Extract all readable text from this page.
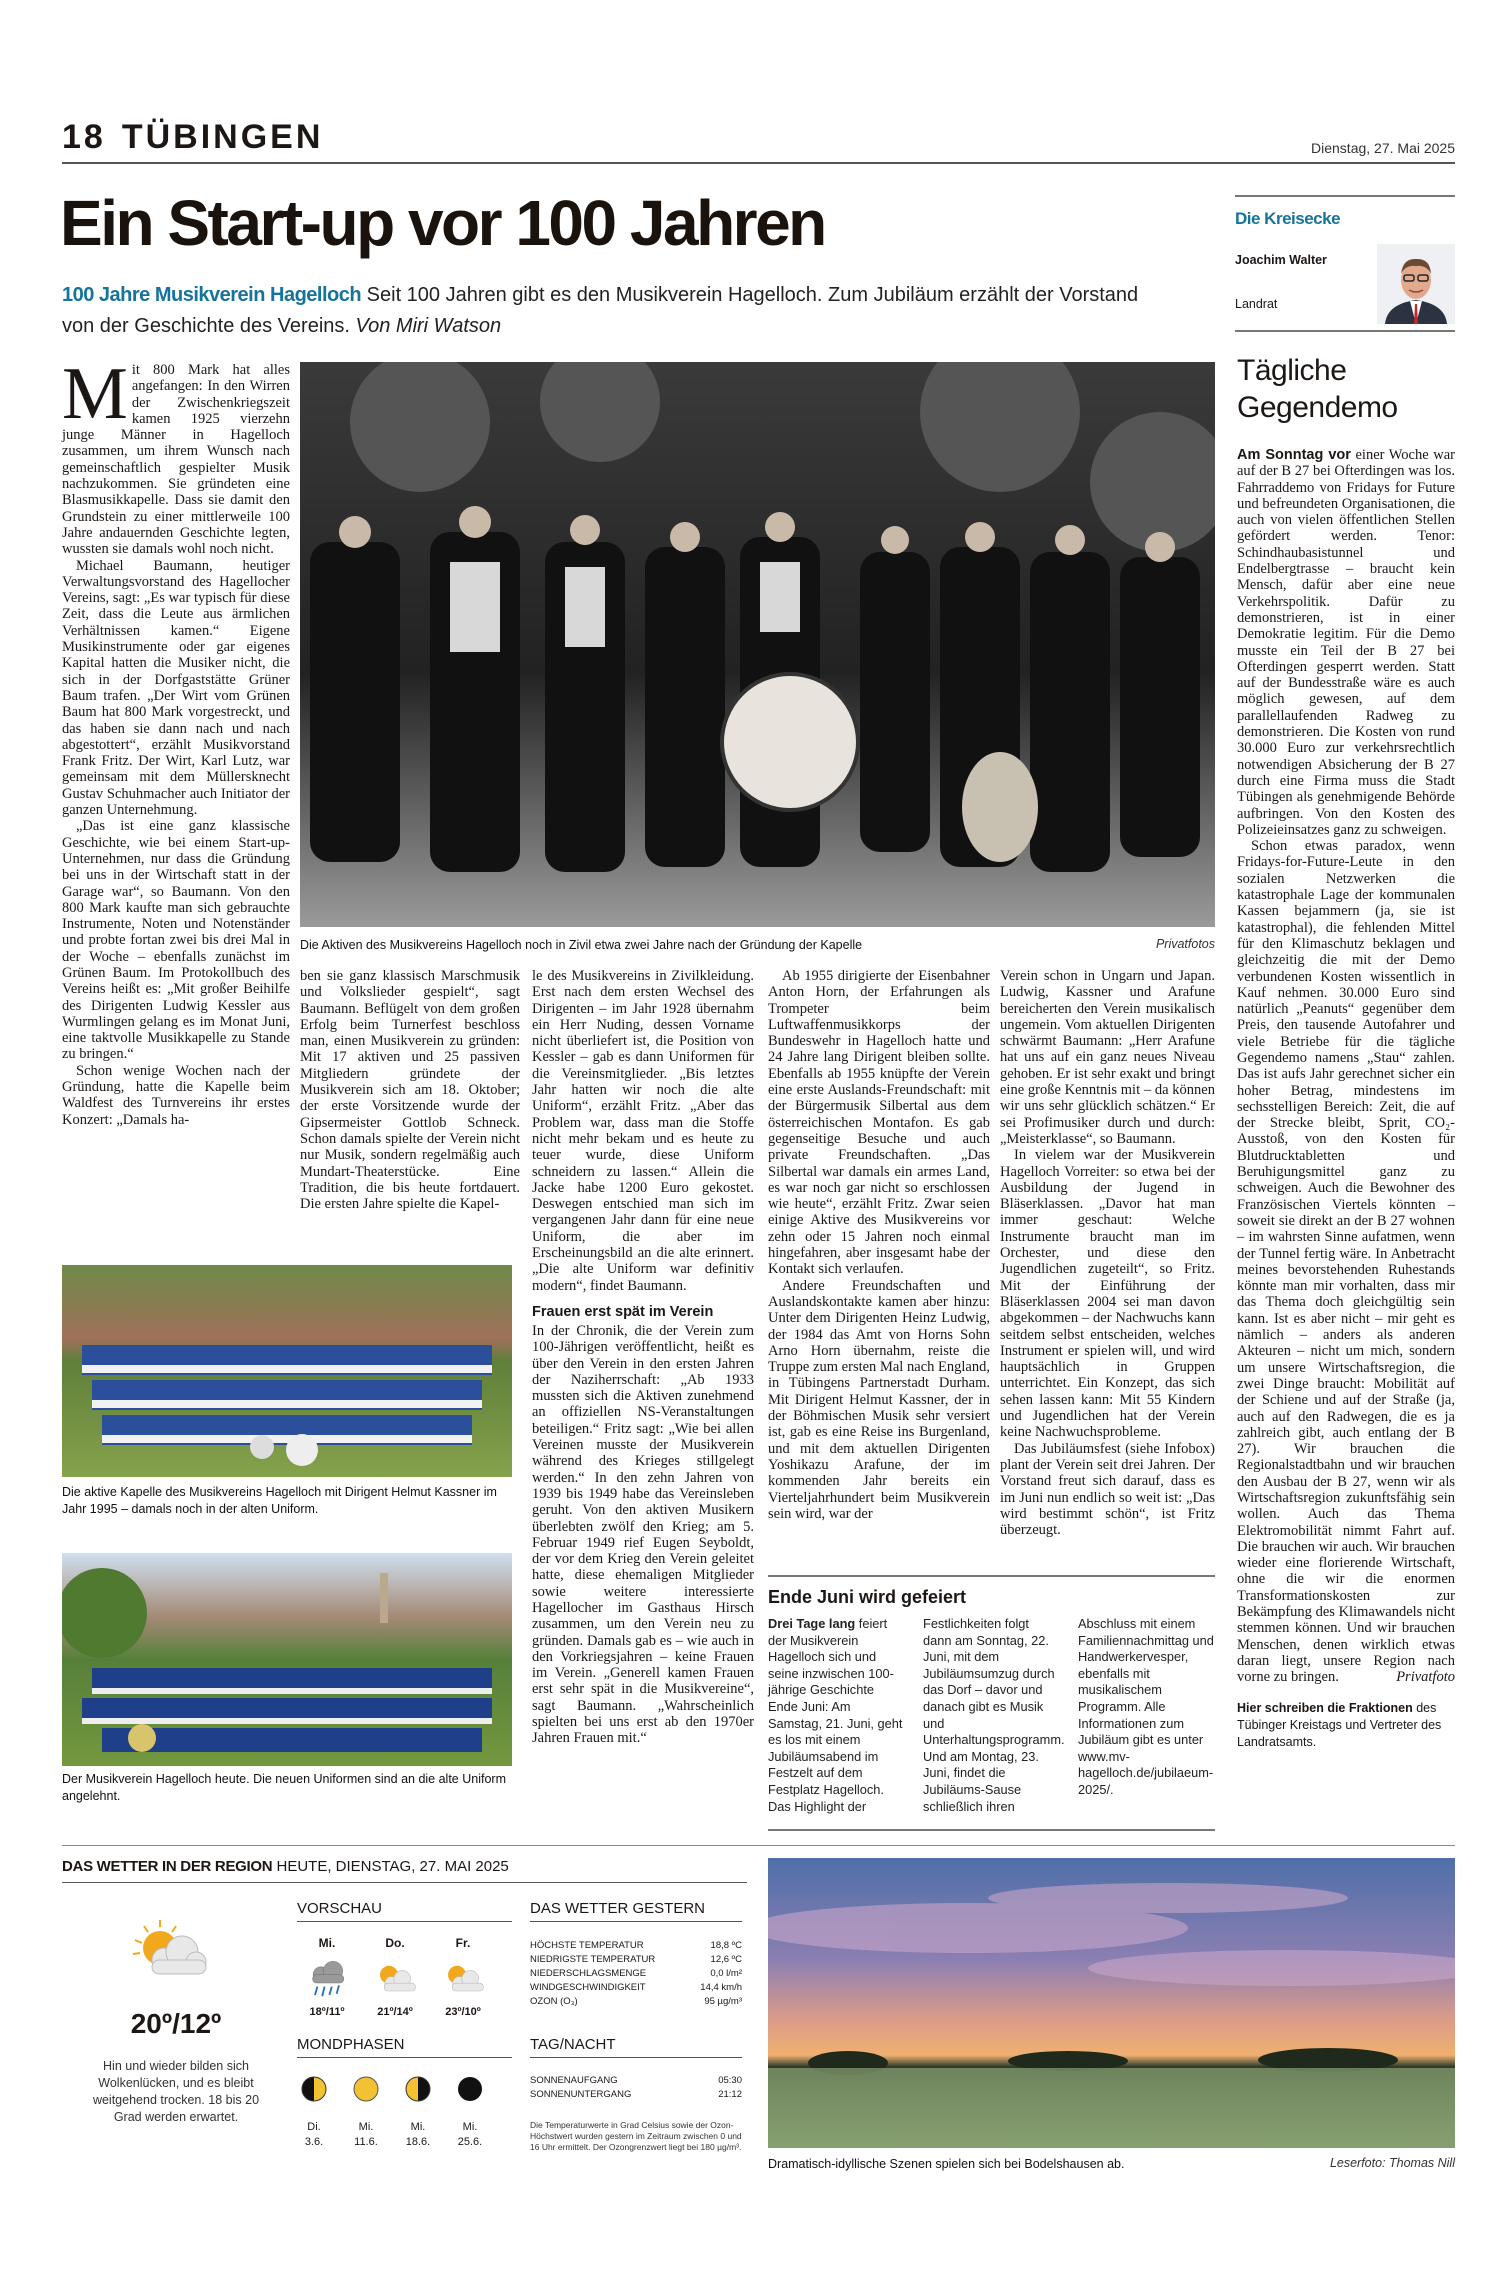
18 TÜBINGEN	Dienstag, 27. Mai 2025
Ein Start-up vor 100 Jahren
100 Jahre Musikverein Hagelloch Seit 100 Jahren gibt es den Musikverein Hagelloch. Zum Jubiläum erzählt der Vorstand von der Geschichte des Vereins. Von Miri Watson
Die Kreisecke
Joachim Walter
Landrat

Mit 800 Mark hat alles angefangen: In den Wirren der Zwischenkriegszeit kamen 1925 vierzehn junge Männer in Hagelloch zusammen, um ihrem Wunsch nach gemeinschaftlich gespielter Musik nachzukommen. Sie gründeten eine Blasmusikkapelle. Dass sie damit den Grundstein zu einer mittlerweile 100 Jahre andauernden Geschichte legten, wussten sie damals wohl noch nicht.

Michael Baumann, heutiger Verwaltungsvorstand des Hagellocher Vereins, sagt: „Es war typisch für diese Zeit, dass die Leute aus ärmlichen Verhältnissen kamen.“ Eigene Musikinstrumente oder gar eigenes Kapital hatten die Musiker nicht, die sich in der Dorfgaststätte Grüner Baum trafen. „Der Wirt vom Grünen Baum hat 800 Mark vorgestreckt, und das haben sie dann nach und nach abgestottert“, erzählt Musikvorstand Frank Fritz. Der Wirt, Karl Lutz, war gemeinsam mit dem Müllersknecht Gustav Schuhmacher auch Initiator der ganzen Unternehmung.

„Das ist eine ganz klassische Geschichte, wie bei einem Start-up-Unternehmen, nur dass die Gründung bei uns in der Wirtschaft statt in der Garage war“, so Baumann. Von den 800 Mark kaufte man sich gebrauchte Instrumente, Noten und Notenständer und probte fortan zwei bis drei Mal in der Woche – ebenfalls zunächst im Grünen Baum. Im Protokollbuch des Vereins heißt es: „Mit großer Beihilfe des Dirigenten Ludwig Kessler aus Wurmlingen gelang es im Monat Juni, eine taktvolle Musikkapelle zu Stande zu bringen.“

Schon wenige Wochen nach der Gründung, hatte die Kapelle beim Waldfest des Turnvereins ihr erstes Konzert: „Damals ha-

Die Aktiven des Musikvereins Hagelloch noch in Zivil etwa zwei Jahre nach der Gründung der Kapelle	Privatfotos

ben sie ganz klassisch Marschmusik und Volkslieder gespielt“, sagt Baumann. Beflügelt von dem großen Erfolg beim Turnerfest beschloss man, einen Musikverein zu gründen: Mit 17 aktiven und 25 passiven Mitgliedern gründete der Musikverein sich am 18. Oktober; der erste Vorsitzende wurde der Gipsermeister Gottlob Schneck. Schon damals spielte der Verein nicht nur Musik, sondern regelmäßig auch Mundart-Theaterstücke. Eine Tradition, die bis heute fortdauert. Die ersten Jahre spielte die Kapel-

Die aktive Kapelle des Musikvereins Hagelloch mit Dirigent Helmut Kassner im Jahr 1995 – damals noch in der alten Uniform.
Der Musikverein Hagelloch heute. Die neuen Uniformen sind an die alte Uniform angelehnt.

le des Musikvereins in Zivilkleidung. Erst nach dem ersten Wechsel des Dirigenten – im Jahr 1928 übernahm ein Herr Nuding, dessen Vorname nicht überliefert ist, die Position von Kessler – gab es dann Uniformen für die Vereinsmitglieder. „Bis letztes Jahr hatten wir noch die alte Uniform“, erzählt Fritz. „Aber das Problem war, dass man die Stoffe nicht mehr bekam und es heute zu teuer wurde, diese Uniform schneidern zu lassen.“ Allein die Jacke habe 1200 Euro gekostet. Deswegen entschied man sich im vergangenen Jahr dann für eine neue Uniform, die aber im Erscheinungsbild an die alte erinnert. „Die alte Uniform war definitiv modern“, findet Baumann.

Frauen erst spät im Verein

In der Chronik, die der Verein zum 100-Jährigen veröffentlicht, heißt es über den Verein in den ersten Jahren der Naziherrschaft: „Ab 1933 mussten sich die Aktiven zunehmend an offiziellen NS-Veranstaltungen beteiligen.“ Fritz sagt: „Wie bei allen Vereinen musste der Musikverein während des Krieges stillgelegt werden.“ In den zehn Jahren von 1939 bis 1949 habe das Vereinsleben geruht. Von den aktiven Musikern überlebten zwölf den Krieg; am 5. Februar 1949 rief Eugen Seyboldt, der vor dem Krieg den Verein geleitet hatte, diese ehemaligen Mitglieder sowie weitere interessierte Hagellocher im Gasthaus Hirsch zusammen, um den Verein neu zu gründen. Damals gab es – wie auch in den Vorkriegsjahren – keine Frauen im Verein. „Generell kamen Frauen erst sehr spät in die Musikvereine“, sagt Baumann. „Wahrscheinlich spielten bei uns erst ab den 1970er Jahren Frauen mit.“

Ab 1955 dirigierte der Eisenbahner Anton Horn, der Erfahrungen als Trompeter beim Luftwaffenmusikkorps der Bundeswehr in Hagelloch hatte und 24 Jahre lang Dirigent bleiben sollte. Ebenfalls ab 1955 knüpfte der Verein eine erste Auslands-Freundschaft: mit der Bürgermusik Silbertal aus dem österreichischen Montafon. Es gab gegenseitige Besuche und auch private Freundschaften. „Das Silbertal war damals ein armes Land, es war noch gar nicht so erschlossen wie heute“, erzählt Fritz. Zwar seien einige Aktive des Musikvereins vor zehn oder 15 Jahren noch einmal hingefahren, aber insgesamt habe der Kontakt sich verlaufen.

Andere Freundschaften und Auslandskontakte kamen aber hinzu: Unter dem Dirigenten Heinz Ludwig, der 1984 das Amt von Horns Sohn Arno Horn übernahm, reiste die Truppe zum ersten Mal nach England, in Tübingens Partnerstadt Durham. Mit Dirigent Helmut Kassner, der in der Böhmischen Musik sehr versiert ist, gab es eine Reise ins Burgenland, und mit dem aktuellen Dirigenten Yoshikazu Arafune, der im kommenden Jahr bereits ein Vierteljahrhundert beim Musikverein sein wird, war der

Verein schon in Ungarn und Japan. Ludwig, Kassner und Arafune bereicherten den Verein musikalisch ungemein. Vom aktuellen Dirigenten schwärmt Baumann: „Herr Arafune hat uns auf ein ganz neues Niveau gehoben. Er ist sehr exakt und bringt eine große Kenntnis mit – da können wir uns sehr glücklich schätzen.“ Er sei Profimusiker durch und durch: „Meisterklasse“, so Baumann.

In vielem war der Musikverein Hagelloch Vorreiter: so etwa bei der Ausbildung der Jugend in Bläserklassen. „Davor hat man immer geschaut: Welche Instrumente braucht man im Orchester, und diese den Jugendlichen zugeteilt“, so Fritz. Mit der Einführung der Bläserklassen 2004 sei man davon abgekommen – der Nachwuchs kann seitdem selbst entscheiden, welches Instrument er spielen will, und wird hauptsächlich in Gruppen unterrichtet. Ein Konzept, das sich sehen lassen kann: Mit 55 Kindern und Jugendlichen hat der Verein keine Nachwuchsprobleme.

Das Jubiläumsfest (siehe Infobox) plant der Verein seit drei Jahren. Der Vorstand freut sich darauf, dass es im Juni nun endlich so weit ist: „Das wird bestimmt schön“, ist Fritz überzeugt.

Ende Juni wird gefeiert
Drei Tage lang feiert der Musikverein Hagelloch sich und seine inzwischen 100-jährige Geschichte Ende Juni: Am Samstag, 21. Juni, geht es los mit einem Jubiläumsabend im Festzelt auf dem Festplatz Hagelloch. Das Highlight der Festlichkeiten folgt dann am Sonntag, 22. Juni, mit dem Jubiläumsumzug durch das Dorf – davor und danach gibt es Musik und Unterhaltungsprogramm. Und am Montag, 23. Juni, findet die Jubiläums-Sause schließlich ihren Abschluss mit einem Familiennachmittag und Handwerkervesper, ebenfalls mit musikalischem Programm. Alle Informationen zum Jubiläum gibt es unter www.mv-hagelloch.de/jubilaeum-2025/.
Tägliche Gegendemo

Am Sonntag vor einer Woche war auf der B 27 bei Ofterdingen was los. Fahrraddemo von Fridays for Future und befreundeten Organisationen, die auch von vielen öffentlichen Stellen gefördert werden. Tenor: Schindhaubasistunnel und Endelbergtrasse – braucht kein Mensch, dafür aber eine neue Verkehrspolitik. Dafür zu demonstrieren, ist in einer Demokratie legitim. Für die Demo musste ein Teil der B 27 bei Ofterdingen gesperrt werden. Statt auf der Bundesstraße wäre es auch möglich gewesen, auf dem parallellaufenden Radweg zu demonstrieren. Die Kosten von rund 30.000 Euro zur verkehrsrechtlich notwendigen Absicherung der B 27 durch eine Firma muss die Stadt Tübingen als genehmigende Behörde aufbringen. Von den Kosten des Polizeieinsatzes ganz zu schweigen.

Schon etwas paradox, wenn Fridays-for-Future-Leute in den sozialen Netzwerken die katastrophale Lage der kommunalen Kassen bejammern (ja, sie ist katastrophal), die fehlenden Mittel für den Klimaschutz beklagen und gleichzeitig die mit der Demo verbundenen Kosten wissentlich in Kauf nehmen. 30.000 Euro sind natürlich „Peanuts“ gegenüber dem Preis, den tausende Autofahrer und viele Betriebe für die tägliche Gegendemo namens „Stau“ zahlen. Das ist aufs Jahr gerechnet sicher ein hoher Betrag, mindestens im sechsstelligen Bereich: Zeit, die auf der Strecke bleibt, Sprit, CO₂-Ausstoß, von den Kosten für Blutdrucktabletten und Beruhigungsmittel ganz zu schweigen. Auch die Bewohner des Französischen Viertels könnten – soweit sie direkt an der B 27 wohnen – im wahrsten Sinne aufatmen, wenn der Tunnel fertig wäre. In Anbetracht meines bevorstehenden Ruhestands könnte man mir vorhalten, dass mir das Thema doch gleichgültig sein kann. Ist es aber nicht – mir geht es nämlich – anders als anderen Akteuren – nicht um mich, sondern um unsere Wirtschaftsregion, die zwei Dinge braucht: Mobilität auf der Schiene und auf der Straße (ja, auch auf den Radwegen, die es ja zahlreich gibt, auch entlang der B 27). Wir brauchen die Regionalstadtbahn und wir brauchen den Ausbau der B 27, wenn wir als Wirtschaftsregion zukunftsfähig sein wollen. Auch das Thema Elektromobilität nimmt Fahrt auf. Die brauchen wir auch. Wir brauchen wieder eine florierende Wirtschaft, ohne die wir die enormen Transformationskosten zur Bekämpfung des Klimawandels nicht stemmen können. Und wir brauchen Menschen, denen wirklich etwas daran liegt, unsere Region nach vorne zu bringen.	Privatfoto

Hier schreiben die Fraktionen des Tübinger Kreistags und Vertreter des Landratsamts.

DAS WETTER IN DER REGION HEUTE, DIENSTAG, 27. MAI 2025
20º/12º
Hin und wieder bilden sich Wolkenlücken, und es bleibt weitgehend trocken. 18 bis 20 Grad werden erwartet.
VORSCHAU
Mi.
18º/11º
Do.
21º/14º
Fr.
23º/10º
DAS WETTER GESTERN
HÖCHSTE TEMPERATUR	18,8 ºC
NIEDRIGSTE TEMPERATUR	12,6 ºC
NIEDERSCHLAGSMENGE	0,0 l/m²
WINDGESCHWINDIGKEIT	14,4 km/h
OZON (O₃)	95 µg/m³
MONDPHASEN
Di.
3.6.
Mi.
11.6.
Mi.
18.6.
Mi.
25.6.
TAG/NACHT
SONNENAUFGANG	05:30
SONNENUNTERGANG	21:12
Die Temperaturwerte in Grad Celsius sowie der Ozon-Höchstwert wurden gestern im Zeitraum zwischen 0 und 16 Uhr ermittelt. Der Ozongrenzwert liegt bei 180 µg/m³.
Dramatisch-idyllische Szenen spielen sich bei Bodelshausen ab.	Leserfoto: Thomas Nill
